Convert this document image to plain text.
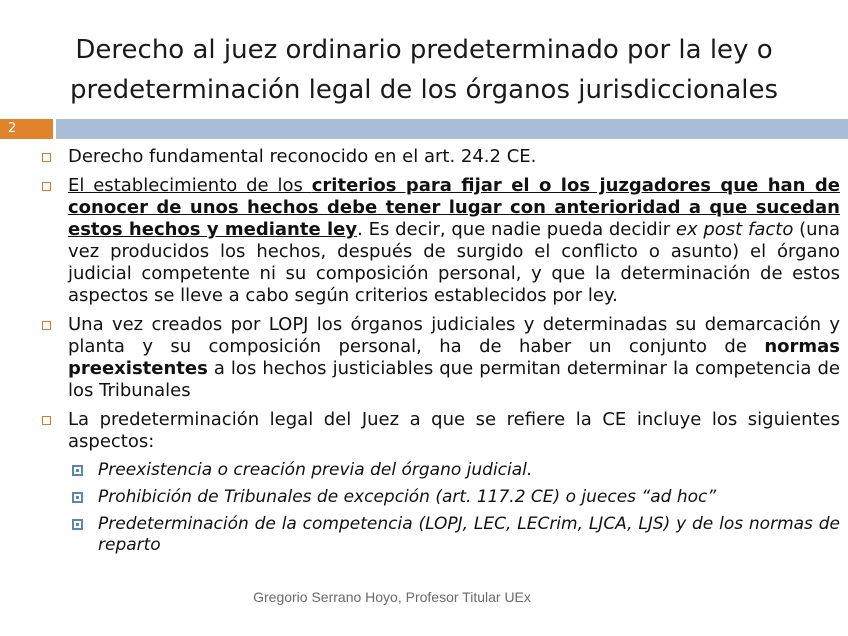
Derecho al juez ordinario predeterminado por la ley o
predeterminación legal de los órganos jurisdiccionales
2

Derecho fundamental reconocido en el art. 24.2 CE.

El establecimiento de los criterios para fijar el o los juzgadores que han de conocer de unos hechos debe tener lugar con anterioridad a que sucedan estos hechos y mediante ley. Es decir, que nadie pueda decidir ex post facto (una vez producidos los hechos, después de surgido el conflicto o asunto) el órgano judicial competente ni su composición personal, y que la determinación de estos aspectos se lleve a cabo según criterios establecidos por ley.

Una vez creados por LOPJ los órganos judiciales y determinadas su demarcación y planta y su composición personal, ha de haber un conjunto de normas preexistentes a los hechos justiciables que permitan determinar la competencia de los Tribunales

La predeterminación legal del Juez a que se refiere la CE incluye los siguientes aspectos:

Preexistencia o creación previa del órgano judicial.

Prohibición de Tribunales de excepción (art. 117.2 CE) o jueces “ad hoc”

Predeterminación de la competencia (LOPJ, LEC, LECrim, LJCA, LJS) y de los normas de reparto

Gregorio Serrano Hoyo, Profesor Titular UEx
